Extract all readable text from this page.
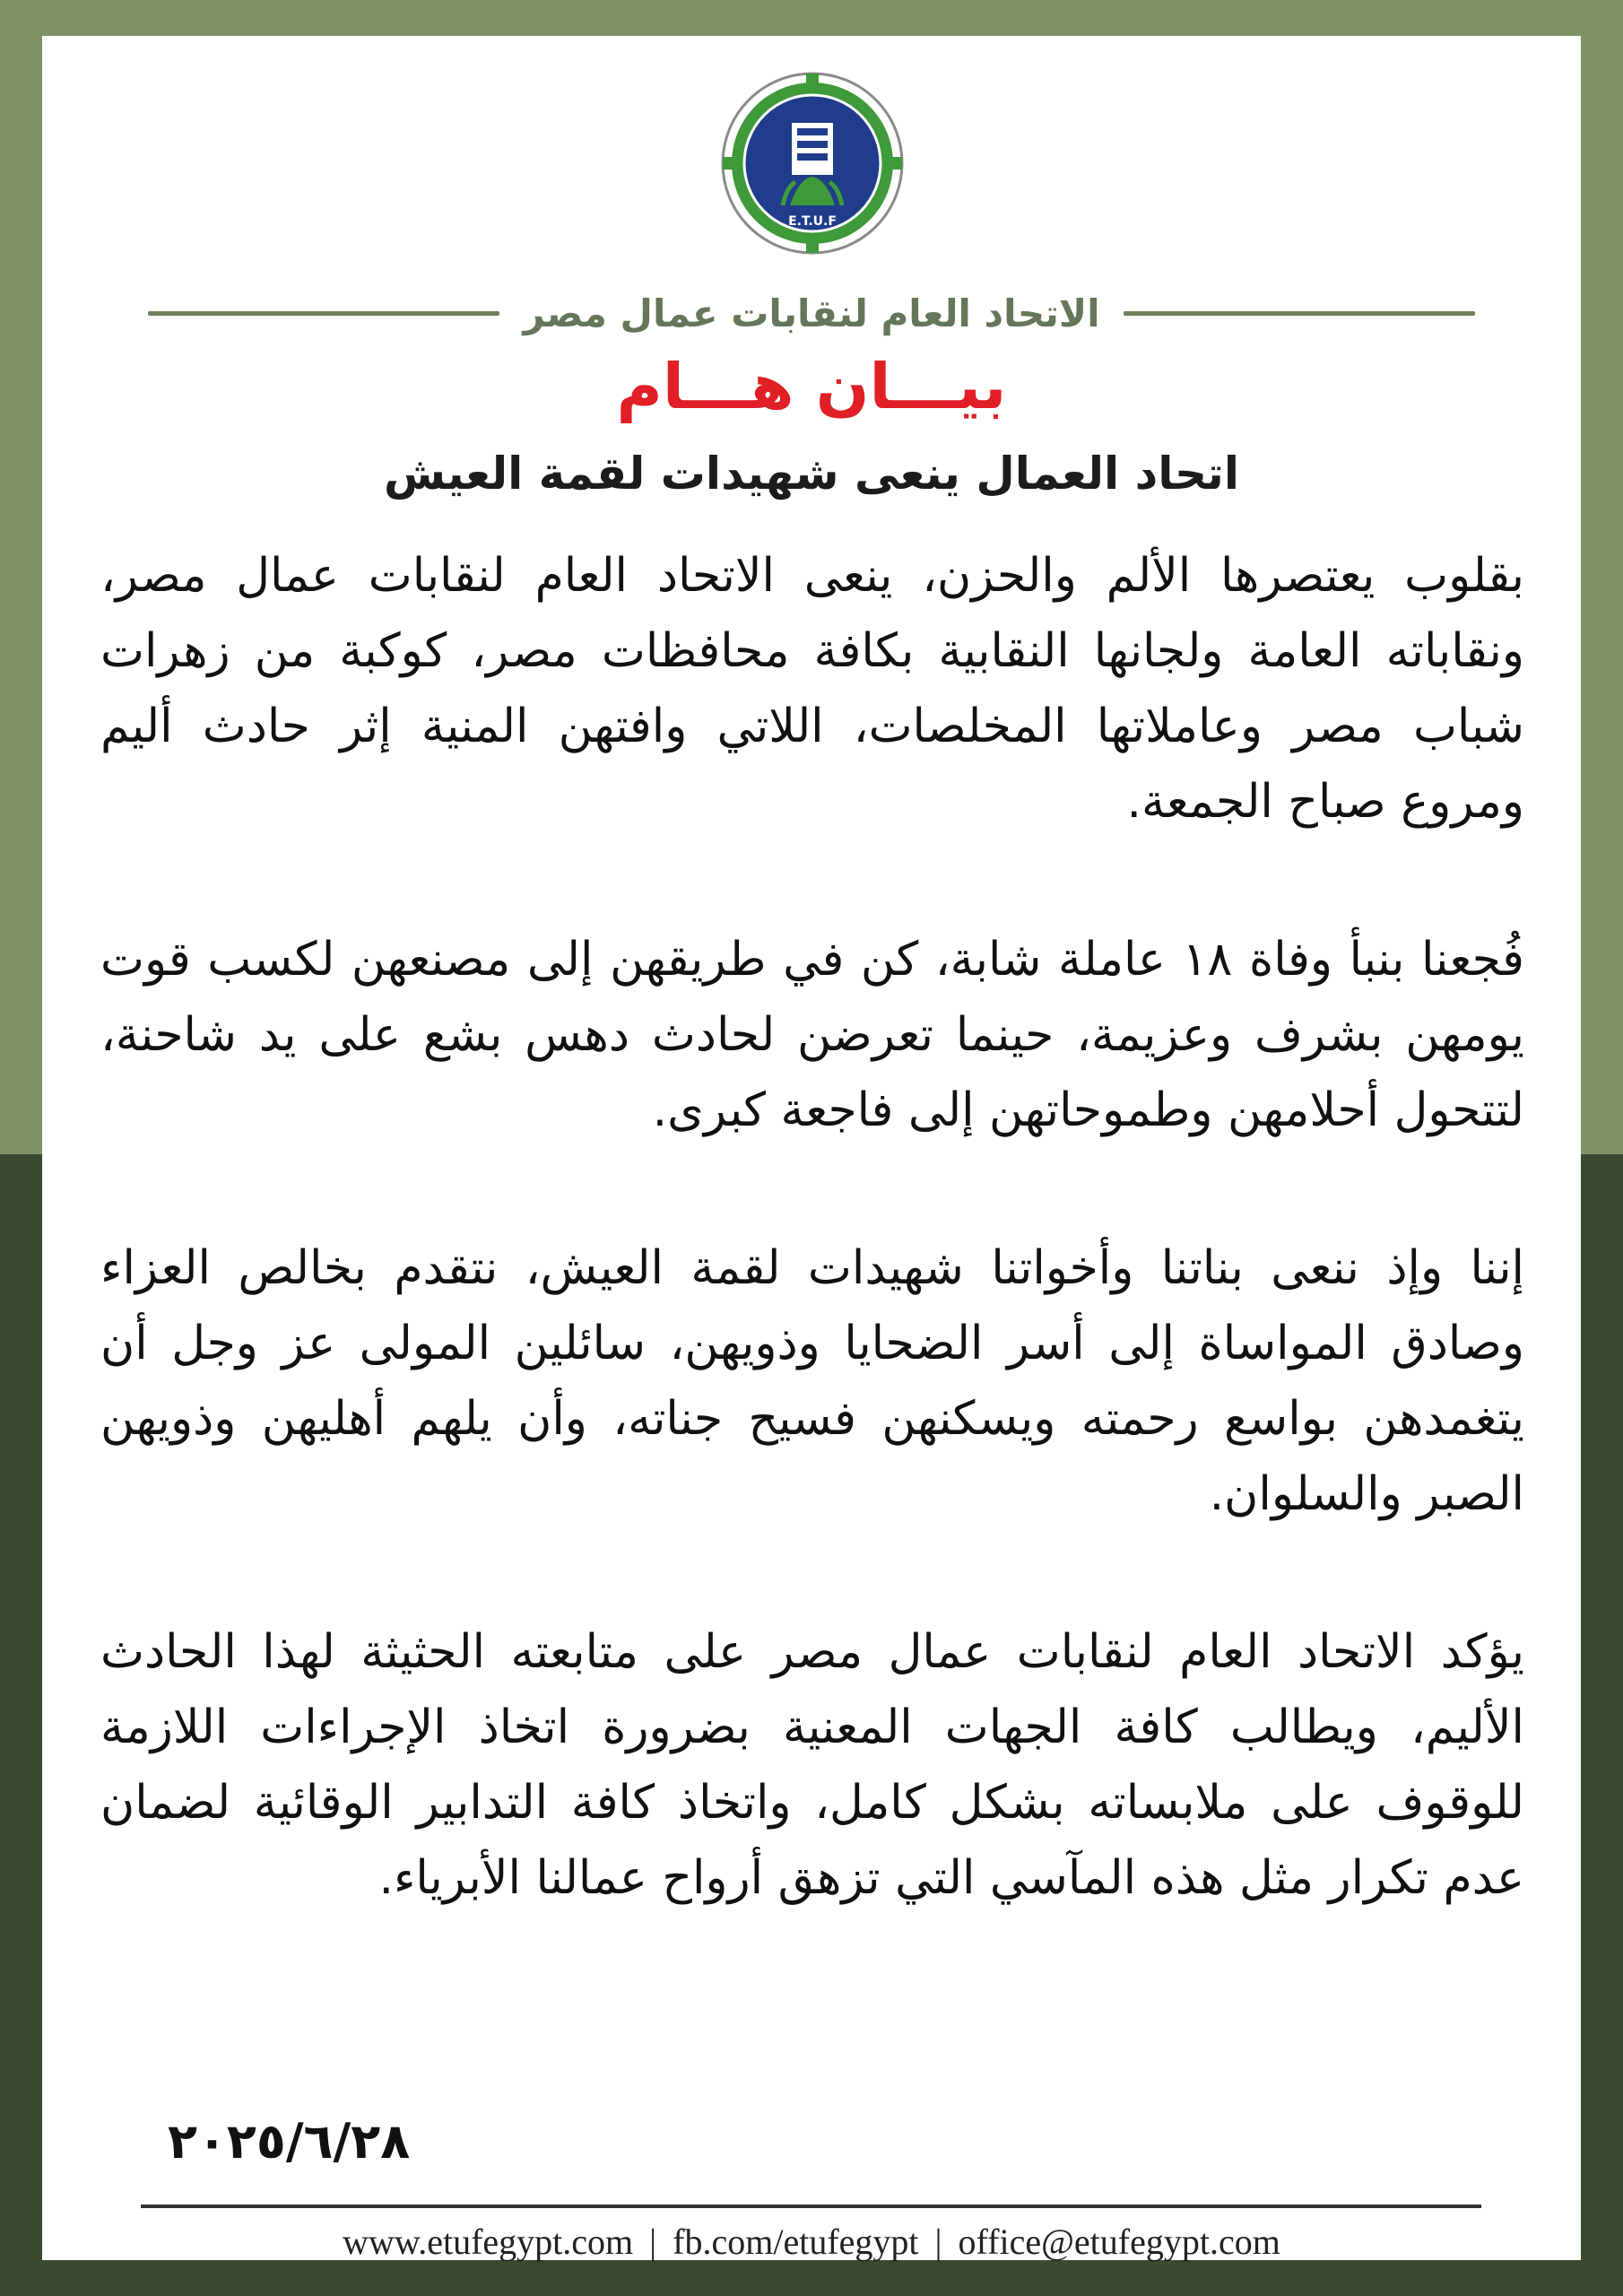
E.T.U.F
الاتحاد العام لنقابات عمال مصر
بيـــان هـــام
اتحاد العمال ينعى شهيدات لقمة العيش

بقلوب يعتصرها الألم والحزن، ينعى الاتحاد العام لنقابات عمال مصر، ونقاباته العامة ولجانها النقابية بكافة محافظات مصر، كوكبة من زهرات شباب مصر وعاملاتها المخلصات، اللاتي وافتهن المنية إثر حادث أليم ومروع صباح الجمعة.

فُجعنا بنبأ وفاة ١٨ عاملة شابة، كن في طريقهن إلى مصنعهن لكسب قوت يومهن بشرف وعزيمة، حينما تعرضن لحادث دهس بشع على يد شاحنة، لتتحول أحلامهن وطموحاتهن إلى فاجعة كبرى.

إننا وإذ ننعى بناتنا وأخواتنا شهيدات لقمة العيش، نتقدم بخالص العزاء وصادق المواساة إلى أسر الضحايا وذويهن، سائلين المولى عز وجل أن يتغمدهن بواسع رحمته ويسكنهن فسيح جناته، وأن يلهم أهليهن وذويهن الصبر والسلوان.

يؤكد الاتحاد العام لنقابات عمال مصر على متابعته الحثيثة لهذا الحادث الأليم، ويطالب كافة الجهات المعنية بضرورة اتخاذ الإجراءات اللازمة للوقوف على ملابساته بشكل كامل، واتخاذ كافة التدابير الوقائية لضمان عدم تكرار مثل هذه المآسي التي تزهق أرواح عمالنا الأبرياء.

٢٠٢٥/٦/٢٨
www.etufegypt.com | fb.com/etufegypt | office@etufegypt.com
